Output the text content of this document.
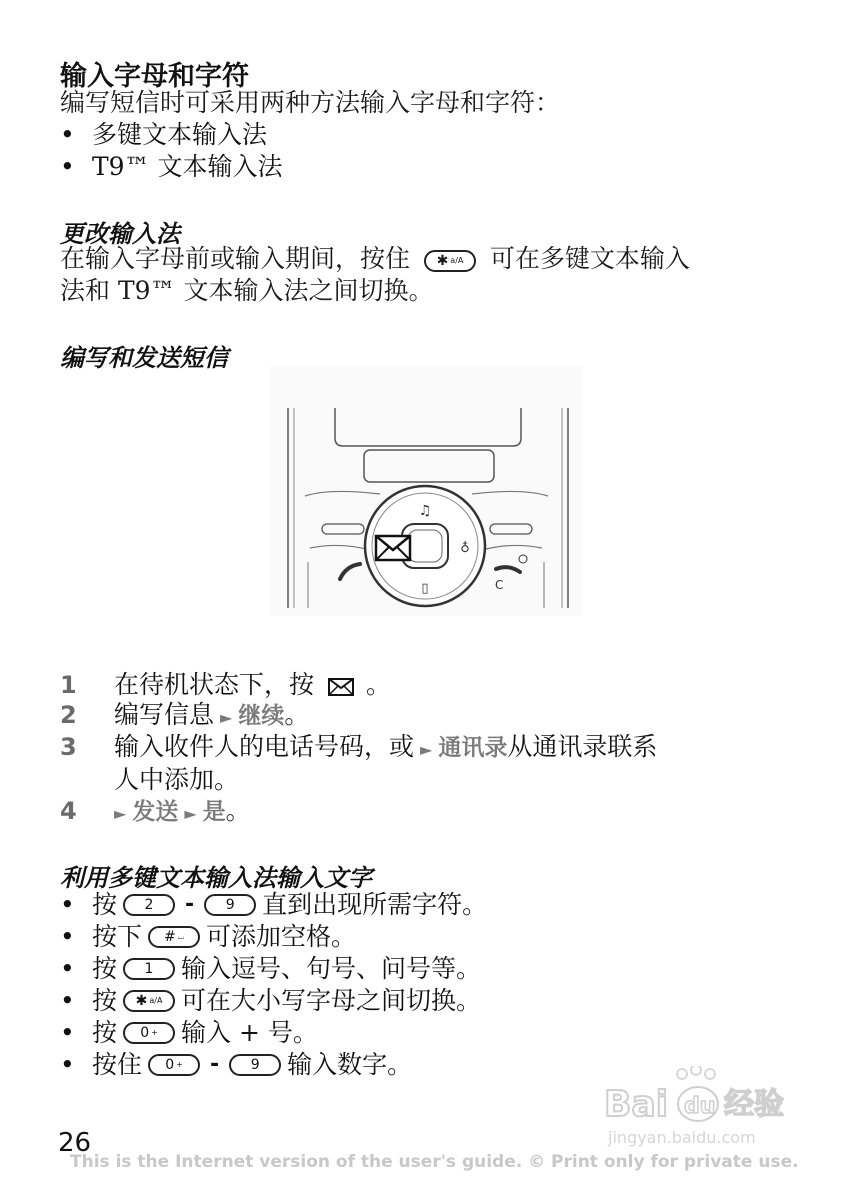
输入字母和字符
编写短信时可采用两种方法输入字母和字符：
• 多键文本输入法
• T9™ 文本输入法
更改输入法
在输入字母前或输入期间，按住 ✱ a/A 可在多键文本输入
法和 T9™ 文本输入法之间切换。
编写和发送短信
♫
♁
▯	C
1 在待机状态下，按 。
2 编写信息 ► 继续。
3 输入收件人的电话号码，或 ► 通讯录从通讯录联系
人中添加。
4 ► 发送 ► 是。
利用多键文本输入法输入文字
• 按 2 - 9 直到出现所需字符。
• 按下 # ⌴ 可添加空格。
• 按 1 输入逗号、句号、问号等。
• 按 ✱ a/A 可在大小写字母之间切换。
• 按 0 + 输入 + 号。
• 按住 0 + - 9 输入数字。
Bai du 经验
jingyan.baidu.com
26
This is the Internet version of the user's guide. © Print only for private use.
